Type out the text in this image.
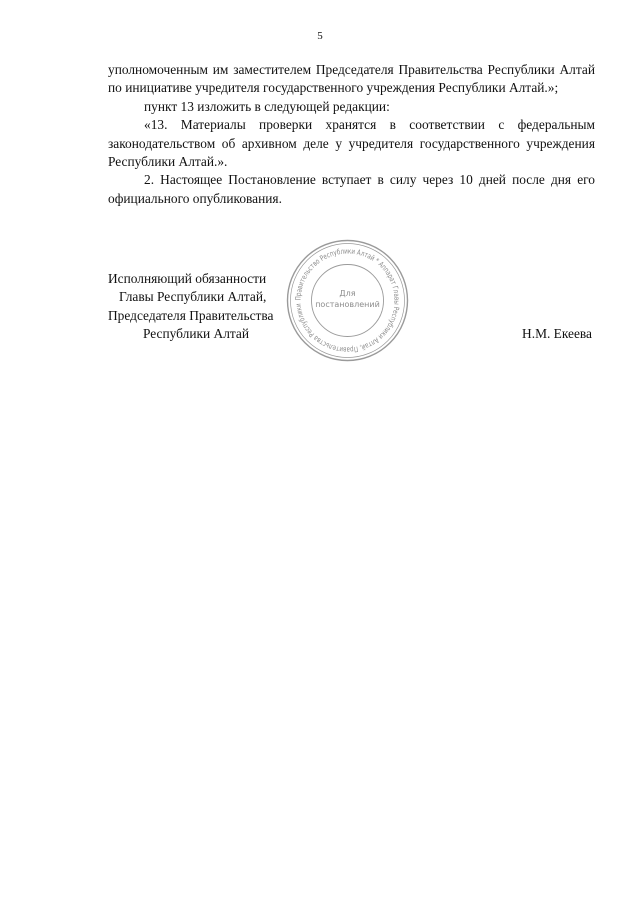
5

уполномоченным им заместителем Председателя Правительства Республики Алтай по инициативе учредителя государственного учреждения Республики Алтай.»;

пункт 13 изложить в следующей редакции:

«13. Материалы проверки хранятся в соответствии с федеральным законодательством об архивном деле у учредителя государственного учреждения Республики Алтай.».

2. Настоящее Постановление вступает в силу через 10 дней после дня его официального опубликования.

Исполняющий обязанности
Главы Республики Алтай,
Председателя Правительства
Республики Алтай	Н.М. Екеева
Правительство Республики Алтай * Аппарат Главы Республики Алтай, Правительства Республики
Для
постановлений
